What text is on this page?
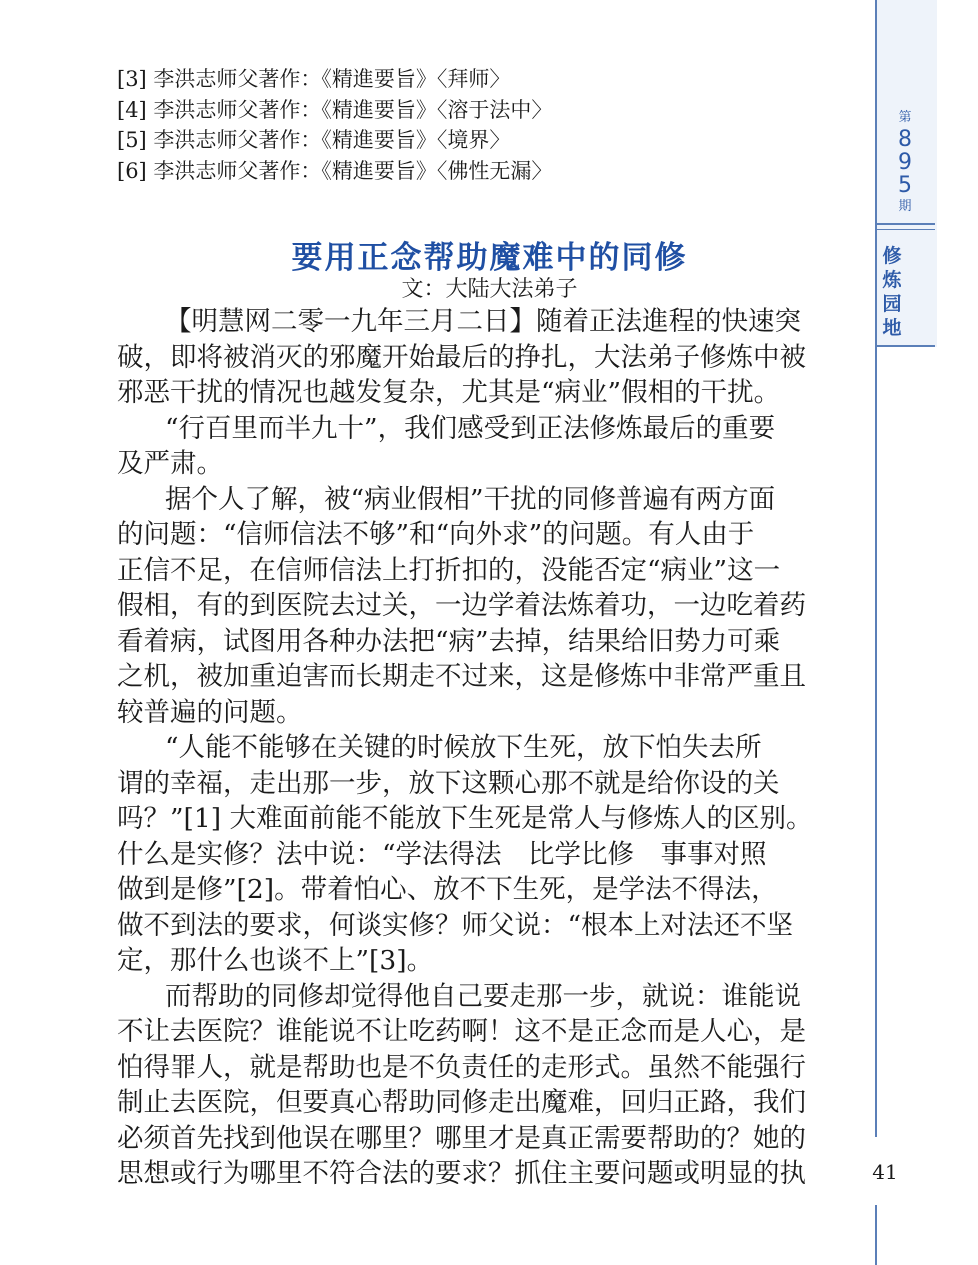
[3] 李洪志师父著作：《精進要旨》〈拜师〉
[4] 李洪志师父著作：《精進要旨》〈溶于法中〉
[5] 李洪志师父著作：《精進要旨》〈境界〉
[6] 李洪志师父著作：《精進要旨》〈佛性无漏〉
要用正念帮助魔难中的同修
文：大陆大法弟子
【明慧网二零一九年三月二日】随着正法進程的快速突
破，即将被消灭的邪魔开始最后的挣扎，大法弟子修炼中被
邪恶干扰的情况也越发复杂，尤其是“病业”假相的干扰。
“行百里而半九十”，我们感受到正法修炼最后的重要
及严肃。
据个人了解，被“病业假相”干扰的同修普遍有两方面
的问题：“信师信法不够”和“向外求”的问题。有人由于
正信不足，在信师信法上打折扣的，没能否定“病业”这一
假相，有的到医院去过关，一边学着法炼着功，一边吃着药
看着病，试图用各种办法把“病”去掉，结果给旧势力可乘
之机，被加重迫害而长期走不过来，这是修炼中非常严重且
较普遍的问题。
“人能不能够在关键的时候放下生死，放下怕失去所
谓的幸福，走出那一步，放下这颗心那不就是给你设的关
吗？”[1] 大难面前能不能放下生死是常人与修炼人的区别。
什么是实修？法中说：“学法得法　比学比修　事事对照
做到是修”[2]。带着怕心、放不下生死，是学法不得法，
做不到法的要求，何谈实修？师父说：“根本上对法还不坚
定，那什么也谈不上”[3]。
而帮助的同修却觉得他自己要走那一步，就说：谁能说
不让去医院？谁能说不让吃药啊！这不是正念而是人心，是
怕得罪人，就是帮助也是不负责任的走形式。虽然不能强行
制止去医院，但要真心帮助同修走出魔难，回归正路，我们
必须首先找到他误在哪里？哪里才是真正需要帮助的？她的
思想或行为哪里不符合法的要求？抓住主要问题或明显的执
第
8
9
5
期
修
炼
园
地
41
